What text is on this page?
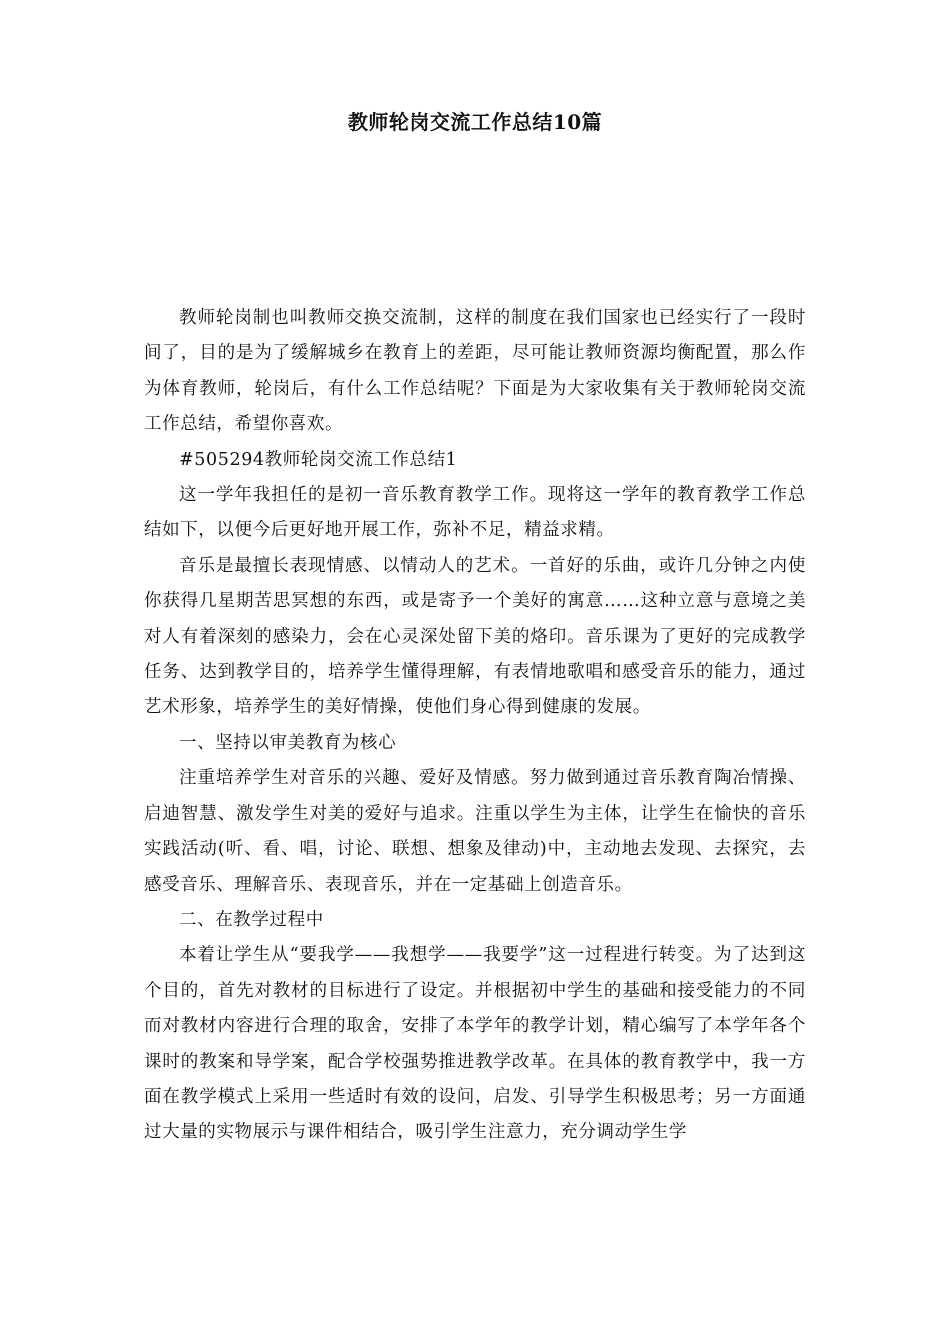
教师轮岗交流工作总结10篇

教师轮岗制也叫教师交换交流制，这样的制度在我们国家也已经实行了一段时间了，目的是为了缓解城乡在教育上的差距，尽可能让教师资源均衡配置，那么作为体育教师，轮岗后，有什么工作总结呢？下面是为大家收集有关于教师轮岗交流工作总结，希望你喜欢。

#505294教师轮岗交流工作总结1

这一学年我担任的是初一音乐教育教学工作。现将这一学年的教育教学工作总结如下，以便今后更好地开展工作，弥补不足，精益求精。

音乐是最擅长表现情感、以情动人的艺术。一首好的乐曲，或许几分钟之内使你获得几星期苦思冥想的东西，或是寄予一个美好的寓意……这种立意与意境之美对人有着深刻的感染力，会在心灵深处留下美的烙印。音乐课为了更好的完成教学任务、达到教学目的，培养学生懂得理解，有表情地歌唱和感受音乐的能力，通过艺术形象，培养学生的美好情操，使他们身心得到健康的发展。

一、坚持以审美教育为核心

注重培养学生对音乐的兴趣、爱好及情感。努力做到通过音乐教育陶冶情操、启迪智慧、激发学生对美的爱好与追求。注重以学生为主体，让学生在愉快的音乐实践活动(听、看、唱，讨论、联想、想象及律动)中，主动地去发现、去探究，去感受音乐、理解音乐、表现音乐，并在一定基础上创造音乐。

二、在教学过程中

本着让学生从“要我学——我想学——我要学”这一过程进行转变。为了达到这个目的，首先对教材的目标进行了设定。并根据初中学生的基础和接受能力的不同而对教材内容进行合理的取舍，安排了本学年的教学计划，精心编写了本学年各个课时的教案和导学案，配合学校强势推进教学改革。在具体的教育教学中，我一方面在教学模式上采用一些适时有效的设问，启发、引导学生积极思考；另一方面通过大量的实物展示与课件相结合，吸引学生注意力，充分调动学生学
